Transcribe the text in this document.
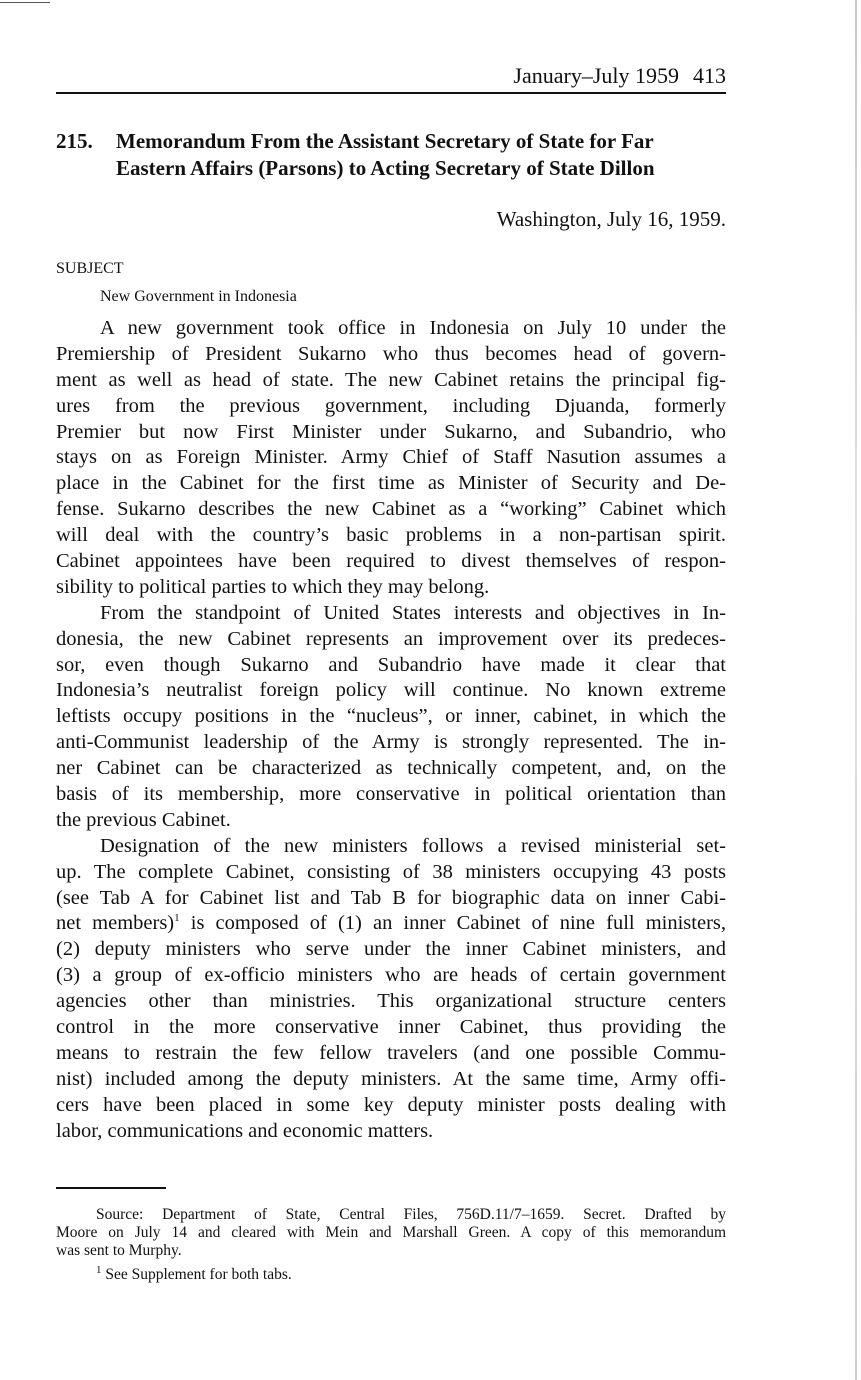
January–July 1959 413
215. Memorandum From the Assistant Secretary of State for Far
Eastern Affairs (Parsons) to Acting Secretary of State Dillon
Washington, July 16, 1959.
SUBJECT
New Government in Indonesia
A new government took office in Indonesia on July 10 under the
Premiership of President Sukarno who thus becomes head of govern-
ment as well as head of state. The new Cabinet retains the principal fig-
ures from the previous government, including Djuanda, formerly
Premier but now First Minister under Sukarno, and Subandrio, who
stays on as Foreign Minister. Army Chief of Staff Nasution assumes a
place in the Cabinet for the first time as Minister of Security and De-
fense. Sukarno describes the new Cabinet as a “working” Cabinet which
will deal with the country’s basic problems in a non-partisan spirit.
Cabinet appointees have been required to divest themselves of respon-
sibility to political parties to which they may belong.
From the standpoint of United States interests and objectives in In-
donesia, the new Cabinet represents an improvement over its predeces-
sor, even though Sukarno and Subandrio have made it clear that
Indonesia’s neutralist foreign policy will continue. No known extreme
leftists occupy positions in the “nucleus”, or inner, cabinet, in which the
anti-Communist leadership of the Army is strongly represented. The in-
ner Cabinet can be characterized as technically competent, and, on the
basis of its membership, more conservative in political orientation than
the previous Cabinet.
Designation of the new ministers follows a revised ministerial set-
up. The complete Cabinet, consisting of 38 ministers occupying 43 posts
(see Tab A for Cabinet list and Tab B for biographic data on inner Cabi-
net members)$^1$ is composed of (1) an inner Cabinet of nine full ministers,
(2) deputy ministers who serve under the inner Cabinet ministers, and
(3) a group of ex-officio ministers who are heads of certain government
agencies other than ministries. This organizational structure centers
control in the more conservative inner Cabinet, thus providing the
means to restrain the few fellow travelers (and one possible Commu-
nist) included among the deputy ministers. At the same time, Army offi-
cers have been placed in some key deputy minister posts dealing with
labor, communications and economic matters.
Source: Department of State, Central Files, 756D.11/7–1659. Secret. Drafted by
Moore on July 14 and cleared with Mein and Marshall Green. A copy of this memorandum
was sent to Murphy.
$^1$ See Supplement for both tabs.
